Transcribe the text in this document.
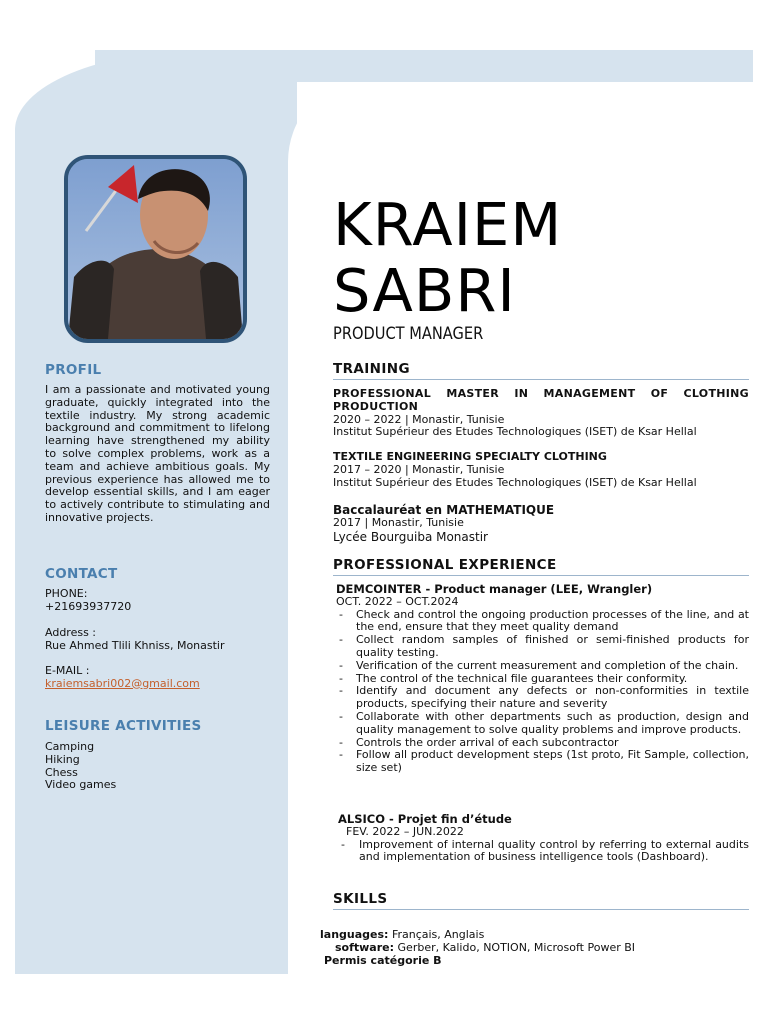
PROFIL
I am a passionate and motivated young graduate, quickly integrated into the textile industry. My strong academic background and commitment to lifelong learning have strengthened my ability to solve complex problems, work as a team and achieve ambitious goals. My previous experience has allowed me to develop essential skills, and I am eager to actively contribute to stimulating and innovative projects.
CONTACT
PHONE:
+21693937720
Address :
Rue Ahmed Tlili Khniss, Monastir
E-MAIL :
kraiemsabri002@gmail.com
LEISURE ACTIVITIES
Camping
Hiking
Chess
Video games
KRAIEM
SABRI
PRODUCT MANAGER
TRAINING
PROFESSIONAL MASTER IN MANAGEMENT OF CLOTHING PRODUCTION
2020 – 2022 | Monastir, Tunisie
Institut Supérieur des Etudes Technologiques (ISET) de Ksar Hellal
TEXTILE ENGINEERING SPECIALTY CLOTHING
2017 – 2020 | Monastir, Tunisie
Institut Supérieur des Etudes Technologiques (ISET) de Ksar Hellal
Baccalauréat en MATHEMATIQUE
2017 | Monastir, Tunisie
Lycée Bourguiba Monastir
PROFESSIONAL EXPERIENCE
DEMCOINTER - Product manager (LEE, Wrangler)
OCT. 2022 – OCT.2024
- Check and control the ongoing production processes of the line, and at the end, ensure that they meet quality demand
- Collect random samples of finished or semi-finished products for quality testing.
- Verification of the current measurement and completion of the chain.
- The control of the technical file guarantees their conformity.
- Identify and document any defects or non-conformities in textile products, specifying their nature and severity
- Collaborate with other departments such as production, design and quality management to solve quality problems and improve products.
- Controls the order arrival of each subcontractor
- Follow all product development steps (1st proto, Fit Sample, collection, size set)
ALSICO - Projet fin d’étude
FEV. 2022 – JUN.2022
- Improvement of internal quality control by referring to external audits and implementation of business intelligence tools (Dashboard).
SKILLS
languages: Français, Anglais
software: Gerber, Kalido, NOTION, Microsoft Power BI
Permis catégorie B
